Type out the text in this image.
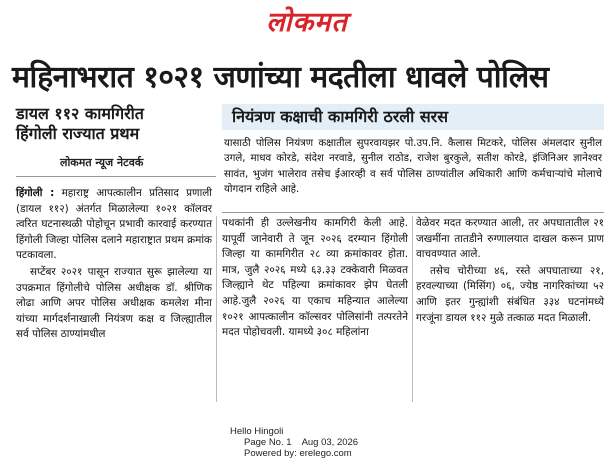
लोकमत
महिनाभरात १०२१ जणांच्या मदतीला धावले पोलिस
डायल ११२ कामगिरीत
हिंगोली राज्यात प्रथम
लोकमत न्यूज नेटवर्क
नियंत्रण कक्षाची कामगिरी ठरली सरस
यासाठी पोलिस नियंत्रण कक्षातील सुपरवायझर पो.उप.नि. कैलास मिटकरे, पोलिस अंमलदार सुनील उगले, माधव कोरडे, संदेश नरवाडे, सुनील राठोड, राजेश बुरकुले, सतीश कोरडे, इंजिनिअर ज्ञानेश्वर सावंत, भुजंग भालेराव तसेच ईआरव्ही व सर्व पोलिस ठाण्यांतील अधिकारी आणि कर्मचाऱ्यांचे मोलाचे योगदान राहिले आहे.

हिंगोली : महाराष्ट्र आपत्कालीन प्रतिसाद प्रणाली (डायल ११२) अंतर्गत मिळालेल्या १०२१ कॉलवर त्वरित घटनास्थळी पोहोचून प्रभावी कारवाई करण्यात हिंगोली जिल्हा पोलिस दलाने महाराष्ट्रात प्रथम क्रमांक पटकावला.

सप्टेंबर २०२१ पासून राज्यात सुरू झालेल्या या उपक्रमात हिंगोलीचे पोलिस अधीक्षक डॉ. श्रीणिक लोढा आणि अपर पोलिस अधीक्षक कमलेश मीना यांच्या मार्गदर्शनाखाली नियंत्रण कक्ष व जिल्ह्यातील सर्व पोलिस ठाण्यांमधील

पथकांनी ही उल्लेखनीय कामगिरी केली आहे. यापूर्वी जानेवारी ते जून २०२६ दरम्यान हिंगोली जिल्हा या कामगिरीत २८ व्या क्रमांकावर होता. मात्र, जुलै २०२६ मध्ये ६३.३३ टक्केवारी मिळवत जिल्ह्याने थेट पहिल्या क्रमांकावर झेप घेतली आहे.जुलै २०२६ या एकाच महिन्यात आलेल्या १०२१ आपत्कालीन कॉल्सवर पोलिसांनी तत्परतेने मदत पोहोचवली. यामध्ये ३०८ महिलांना

वेळेवर मदत करण्यात आली, तर अपघातातील २१ जखमींना तातडीने रुग्णालयात दाखल करून प्राण वाचवण्यात आले.

तसेच चोरीच्या ४६, रस्ते अपघाताच्या २१, हरवल्याच्या (मिसिंग) ०६, ज्येष्ठ नागरिकांच्या ५२ आणि इतर गुन्ह्यांशी संबंधित ३३४ घटनांमध्ये गरजूंना डायल ११२ मुळे तत्काळ मदत मिळाली.

Hello Hingoli
Page No. 1    Aug 03, 2026
Powered by: erelego.com
